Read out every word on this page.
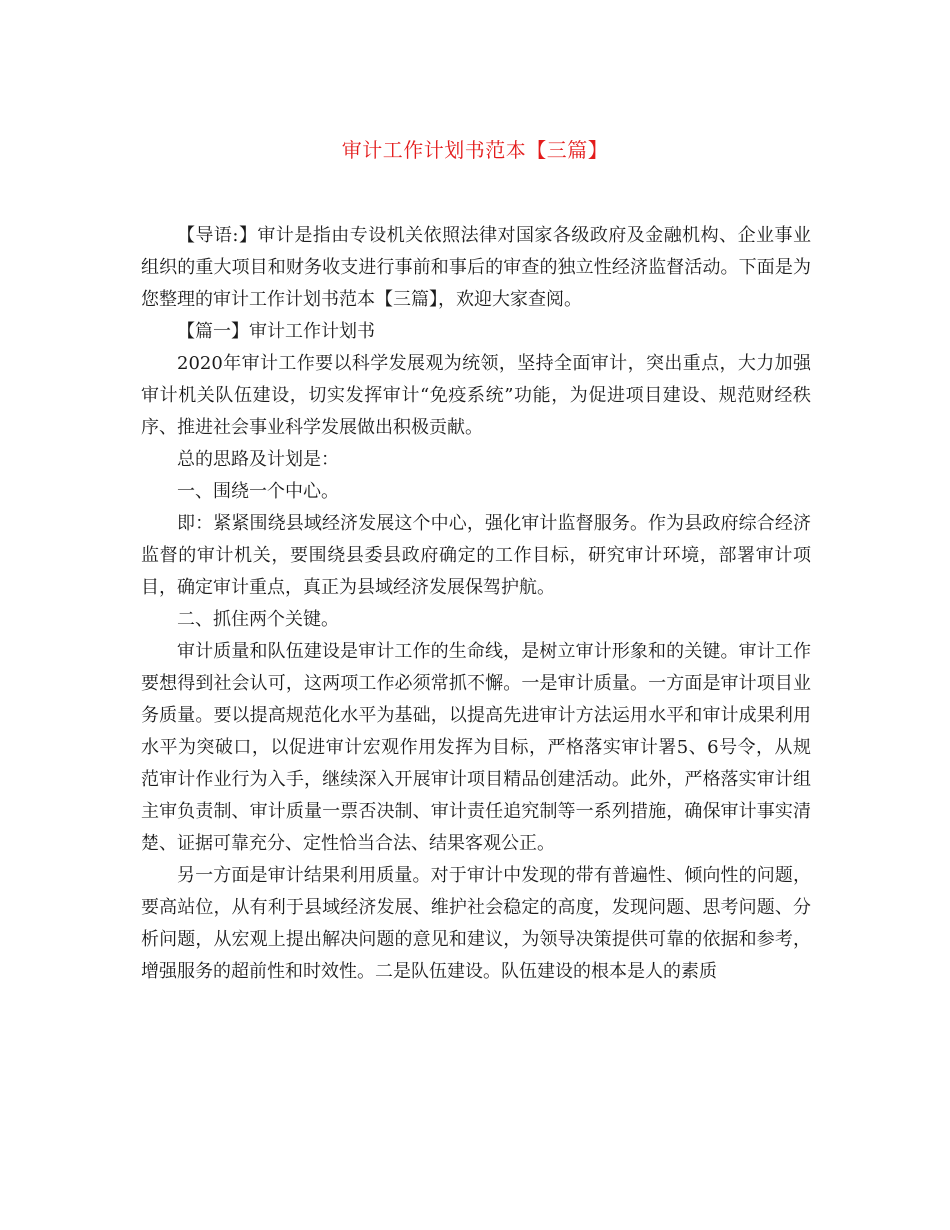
审计工作计划书范本【三篇】

【导语:】审计是指由专设机关依照法律对国家各级政府及金融机构、企业事业组织的重大项目和财务收支进行事前和事后的审查的独立性经济监督活动。下面是为您整理的审计工作计划书范本【三篇】，欢迎大家查阅。

【篇一】审计工作计划书

2020年审计工作要以科学发展观为统领，坚持全面审计，突出重点，大力加强审计机关队伍建设，切实发挥审计“免疫系统”功能，为促进项目建设、规范财经秩序、推进社会事业科学发展做出积极贡献。

总的思路及计划是：

一、围绕一个中心。

即：紧紧围绕县域经济发展这个中心，强化审计监督服务。作为县政府综合经济监督的审计机关，要围绕县委县政府确定的工作目标，研究审计环境，部署审计项目，确定审计重点，真正为县域经济发展保驾护航。

二、抓住两个关键。

审计质量和队伍建设是审计工作的生命线，是树立审计形象和的关键。审计工作要想得到社会认可，这两项工作必须常抓不懈。一是审计质量。一方面是审计项目业务质量。要以提高规范化水平为基础，以提高先进审计方法运用水平和审计成果利用水平为突破口，以促进审计宏观作用发挥为目标，严格落实审计署5、6号令，从规范审计作业行为入手，继续深入开展审计项目精品创建活动。此外，严格落实审计组主审负责制、审计质量一票否决制、审计责任追究制等一系列措施，确保审计事实清楚、证据可靠充分、定性恰当合法、结果客观公正。

另一方面是审计结果利用质量。对于审计中发现的带有普遍性、倾向性的问题，要高站位，从有利于县域经济发展、维护社会稳定的高度，发现问题、思考问题、分析问题，从宏观上提出解决问题的意见和建议，为领导决策提供可靠的依据和参考，增强服务的超前性和时效性。二是队伍建设。队伍建设的根本是人的素质
